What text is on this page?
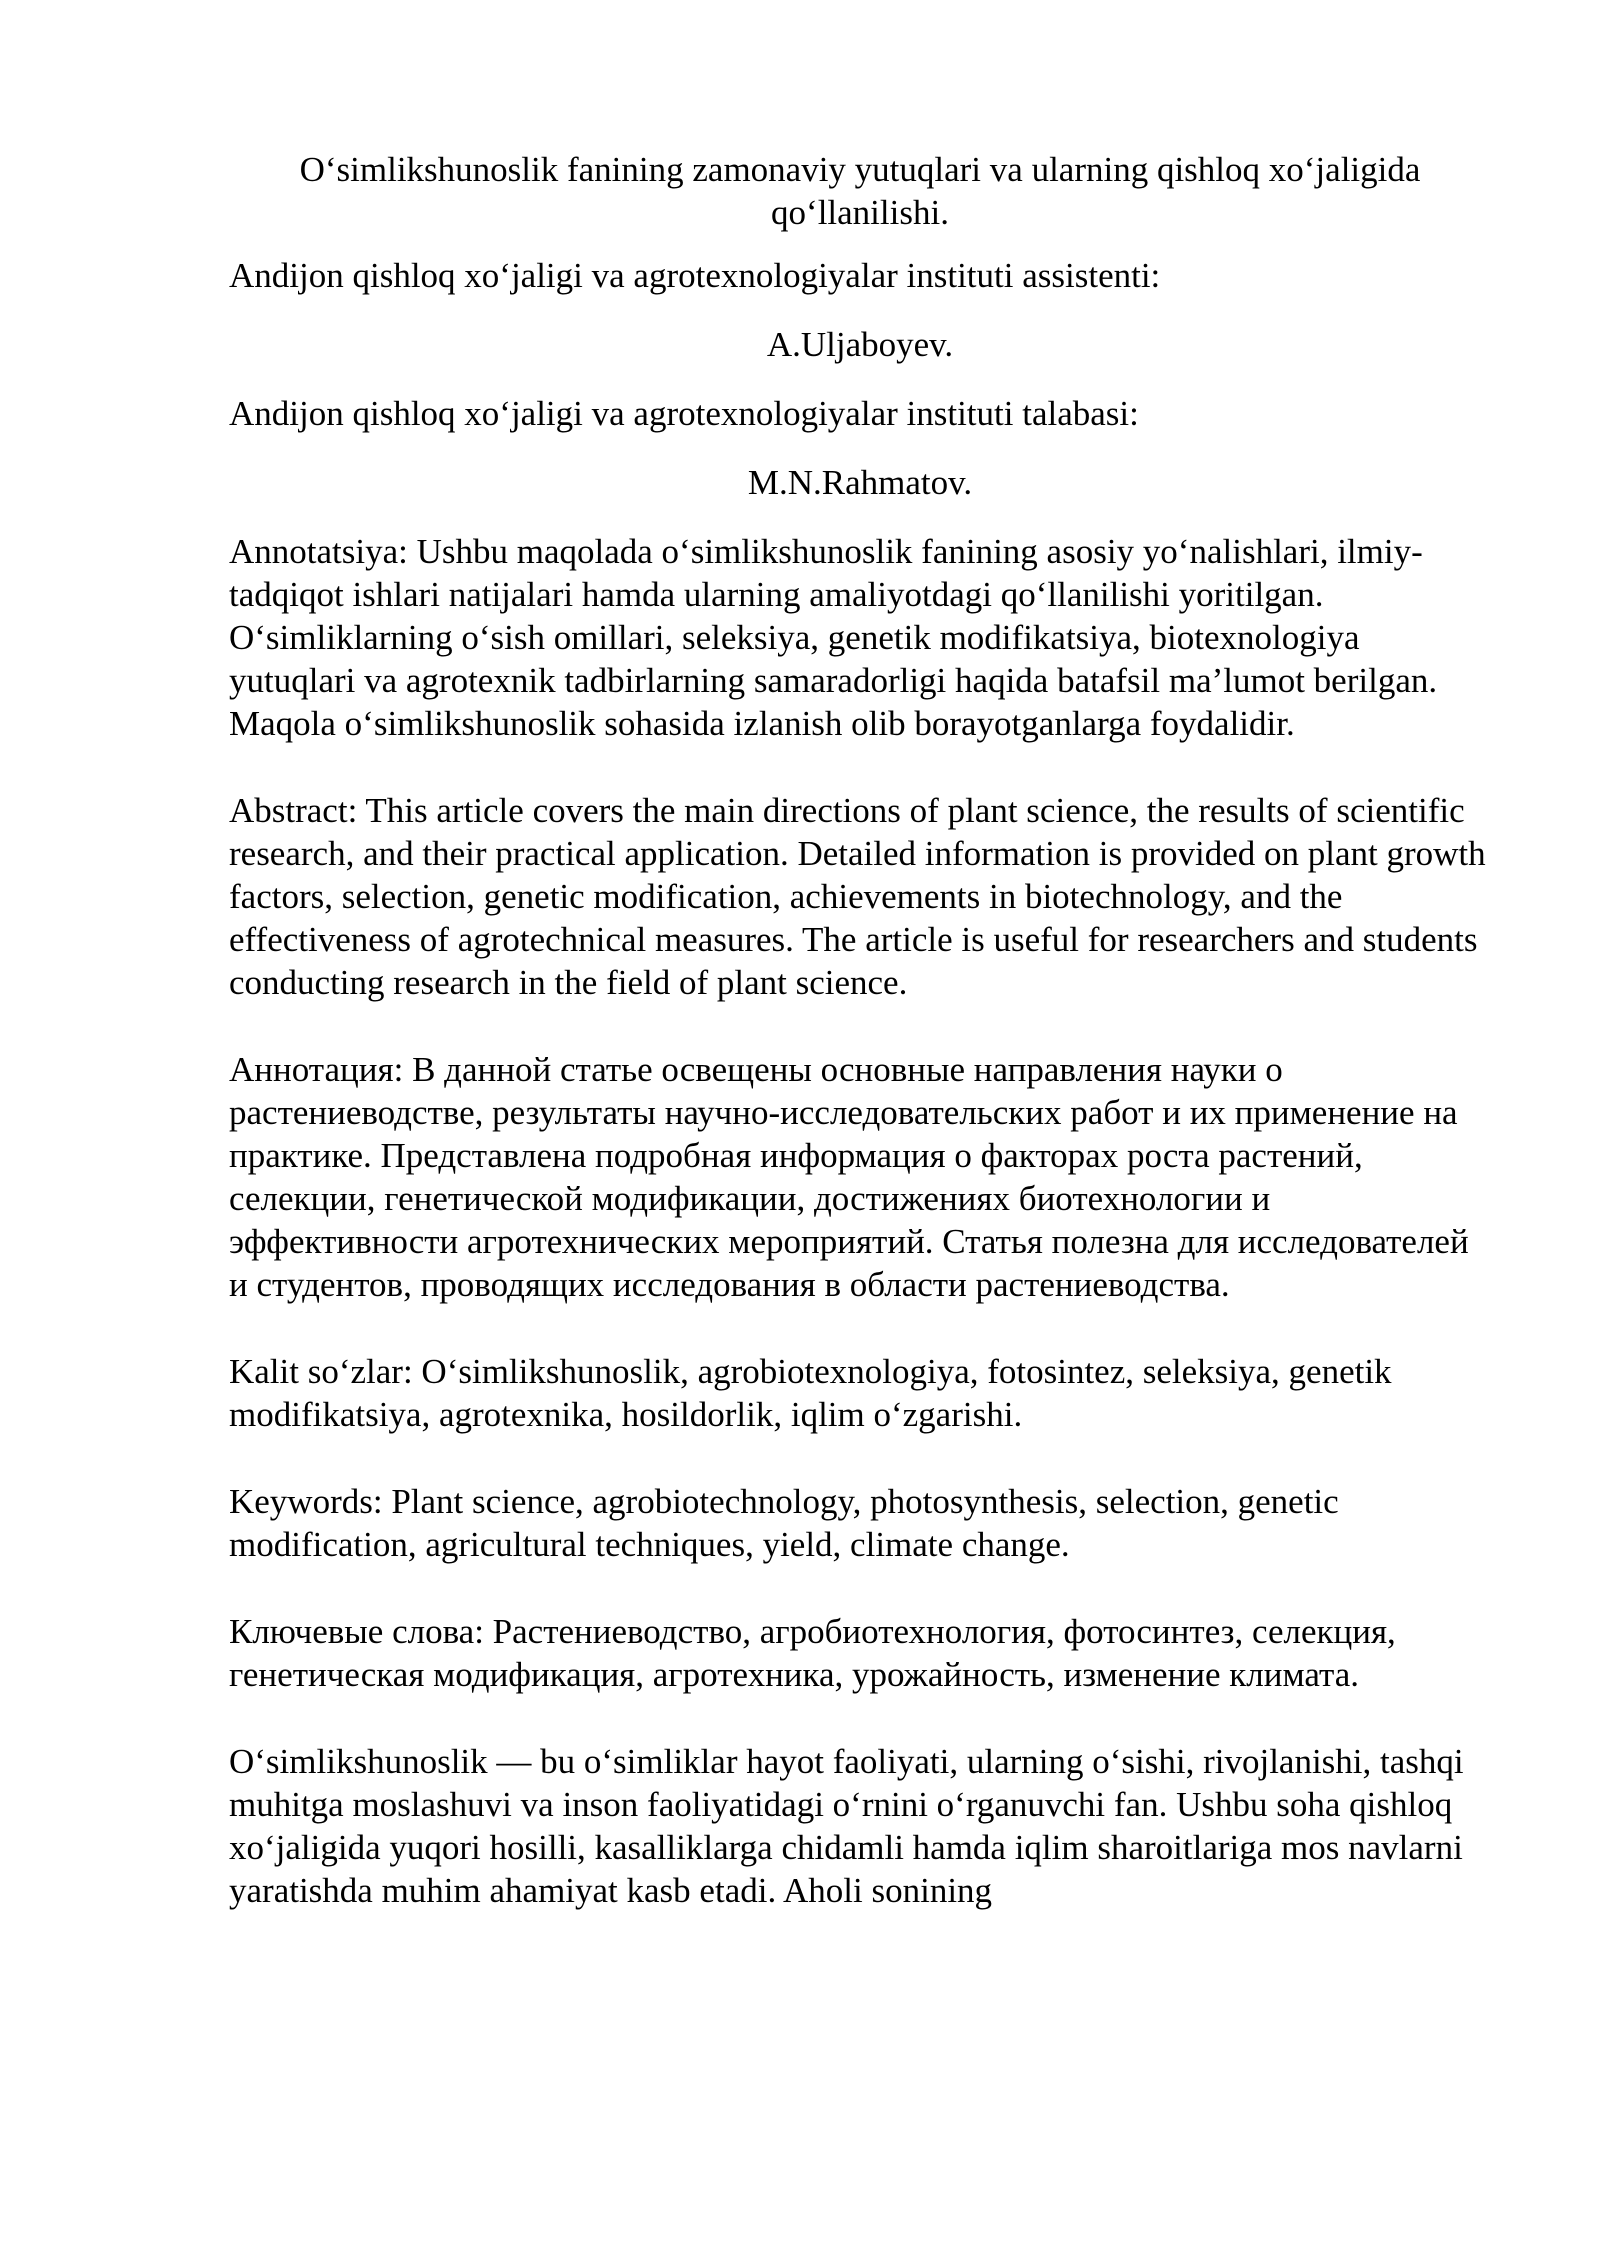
O‘simlikshunoslik fanining zamonaviy yutuqlari va ularning qishloq xo‘jaligida qo‘llanilishi.

Andijon qishloq xo‘jaligi va agrotexnologiyalar instituti assistenti:

A.Uljaboyev.

Andijon qishloq xo‘jaligi va agrotexnologiyalar instituti talabasi:

M.N.Rahmatov.

Annotatsiya: Ushbu maqolada o‘simlikshunoslik fanining asosiy yo‘nalishlari, ilmiy-tadqiqot ishlari natijalari hamda ularning amaliyotdagi qo‘llanilishi yoritilgan. O‘simliklarning o‘sish omillari, seleksiya, genetik modifikatsiya, biotexnologiya yutuqlari va agrotexnik tadbirlarning samaradorligi haqida batafsil ma’lumot berilgan. Maqola o‘simlikshunoslik sohasida izlanish olib borayotganlarga foydalidir.

Abstract: This article covers the main directions of plant science, the results of scientific research, and their practical application. Detailed information is provided on plant growth factors, selection, genetic modification, achievements in biotechnology, and the effectiveness of agrotechnical measures. The article is useful for researchers and students conducting research in the field of plant science.

Аннотация: В данной статье освещены основные направления науки о растениеводстве, результаты научно-исследовательских работ и их применение на практике. Представлена подробная информация о факторах роста растений, селекции, генетической модификации, достижениях биотехнологии и эффективности агротехнических мероприятий. Статья полезна для исследователей и студентов, проводящих исследования в области растениеводства.

Kalit so‘zlar: O‘simlikshunoslik, agrobiotexnologiya, fotosintez, seleksiya, genetik modifikatsiya, agrotexnika, hosildorlik, iqlim o‘zgarishi.

Keywords: Plant science, agrobiotechnology, photosynthesis, selection, genetic modification, agricultural techniques, yield, climate change.

Ключевые слова: Растениеводство, агробиотехнология, фотосинтез, селекция, генетическая модификация, агротехника, урожайность, изменение климата.

O‘simlikshunoslik — bu o‘simliklar hayot faoliyati, ularning o‘sishi, rivojlanishi, tashqi muhitga moslashuvi va inson faoliyatidagi o‘rnini o‘rganuvchi fan. Ushbu soha qishloq xo‘jaligida yuqori hosilli, kasalliklarga chidamli hamda iqlim sharoitlariga mos navlarni yaratishda muhim ahamiyat kasb etadi. Aholi sonining
